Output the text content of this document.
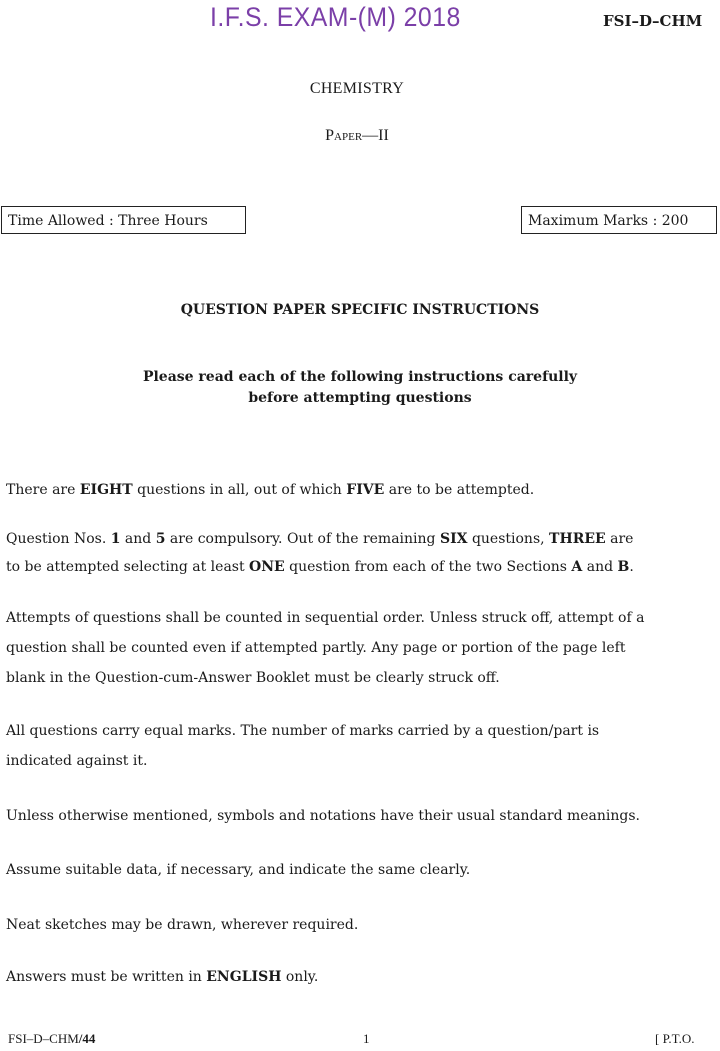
I.F.S. EXAM-(M) 2018	FSI–D–CHM
CHEMISTRY
Paper—II
Time Allowed : Three Hours	Maximum Marks : 200
QUESTION PAPER SPECIFIC INSTRUCTIONS
Please read each of the following instructions carefully
before attempting questions
There are EIGHT questions in all, out of which FIVE are to be attempted.
Question Nos. 1 and 5 are compulsory. Out of the remaining SIX questions, THREE are
to be attempted selecting at least ONE question from each of the two Sections A and B.
Attempts of questions shall be counted in sequential order. Unless struck off, attempt of a
question shall be counted even if attempted partly. Any page or portion of the page left
blank in the Question-cum-Answer Booklet must be clearly struck off.
All questions carry equal marks. The number of marks carried by a question/part is
indicated against it.
Unless otherwise mentioned, symbols and notations have their usual standard meanings.
Assume suitable data, if necessary, and indicate the same clearly.
Neat sketches may be drawn, wherever required.
Answers must be written in ENGLISH only.
FSI–D–CHM/44	1	[ P.T.O.
